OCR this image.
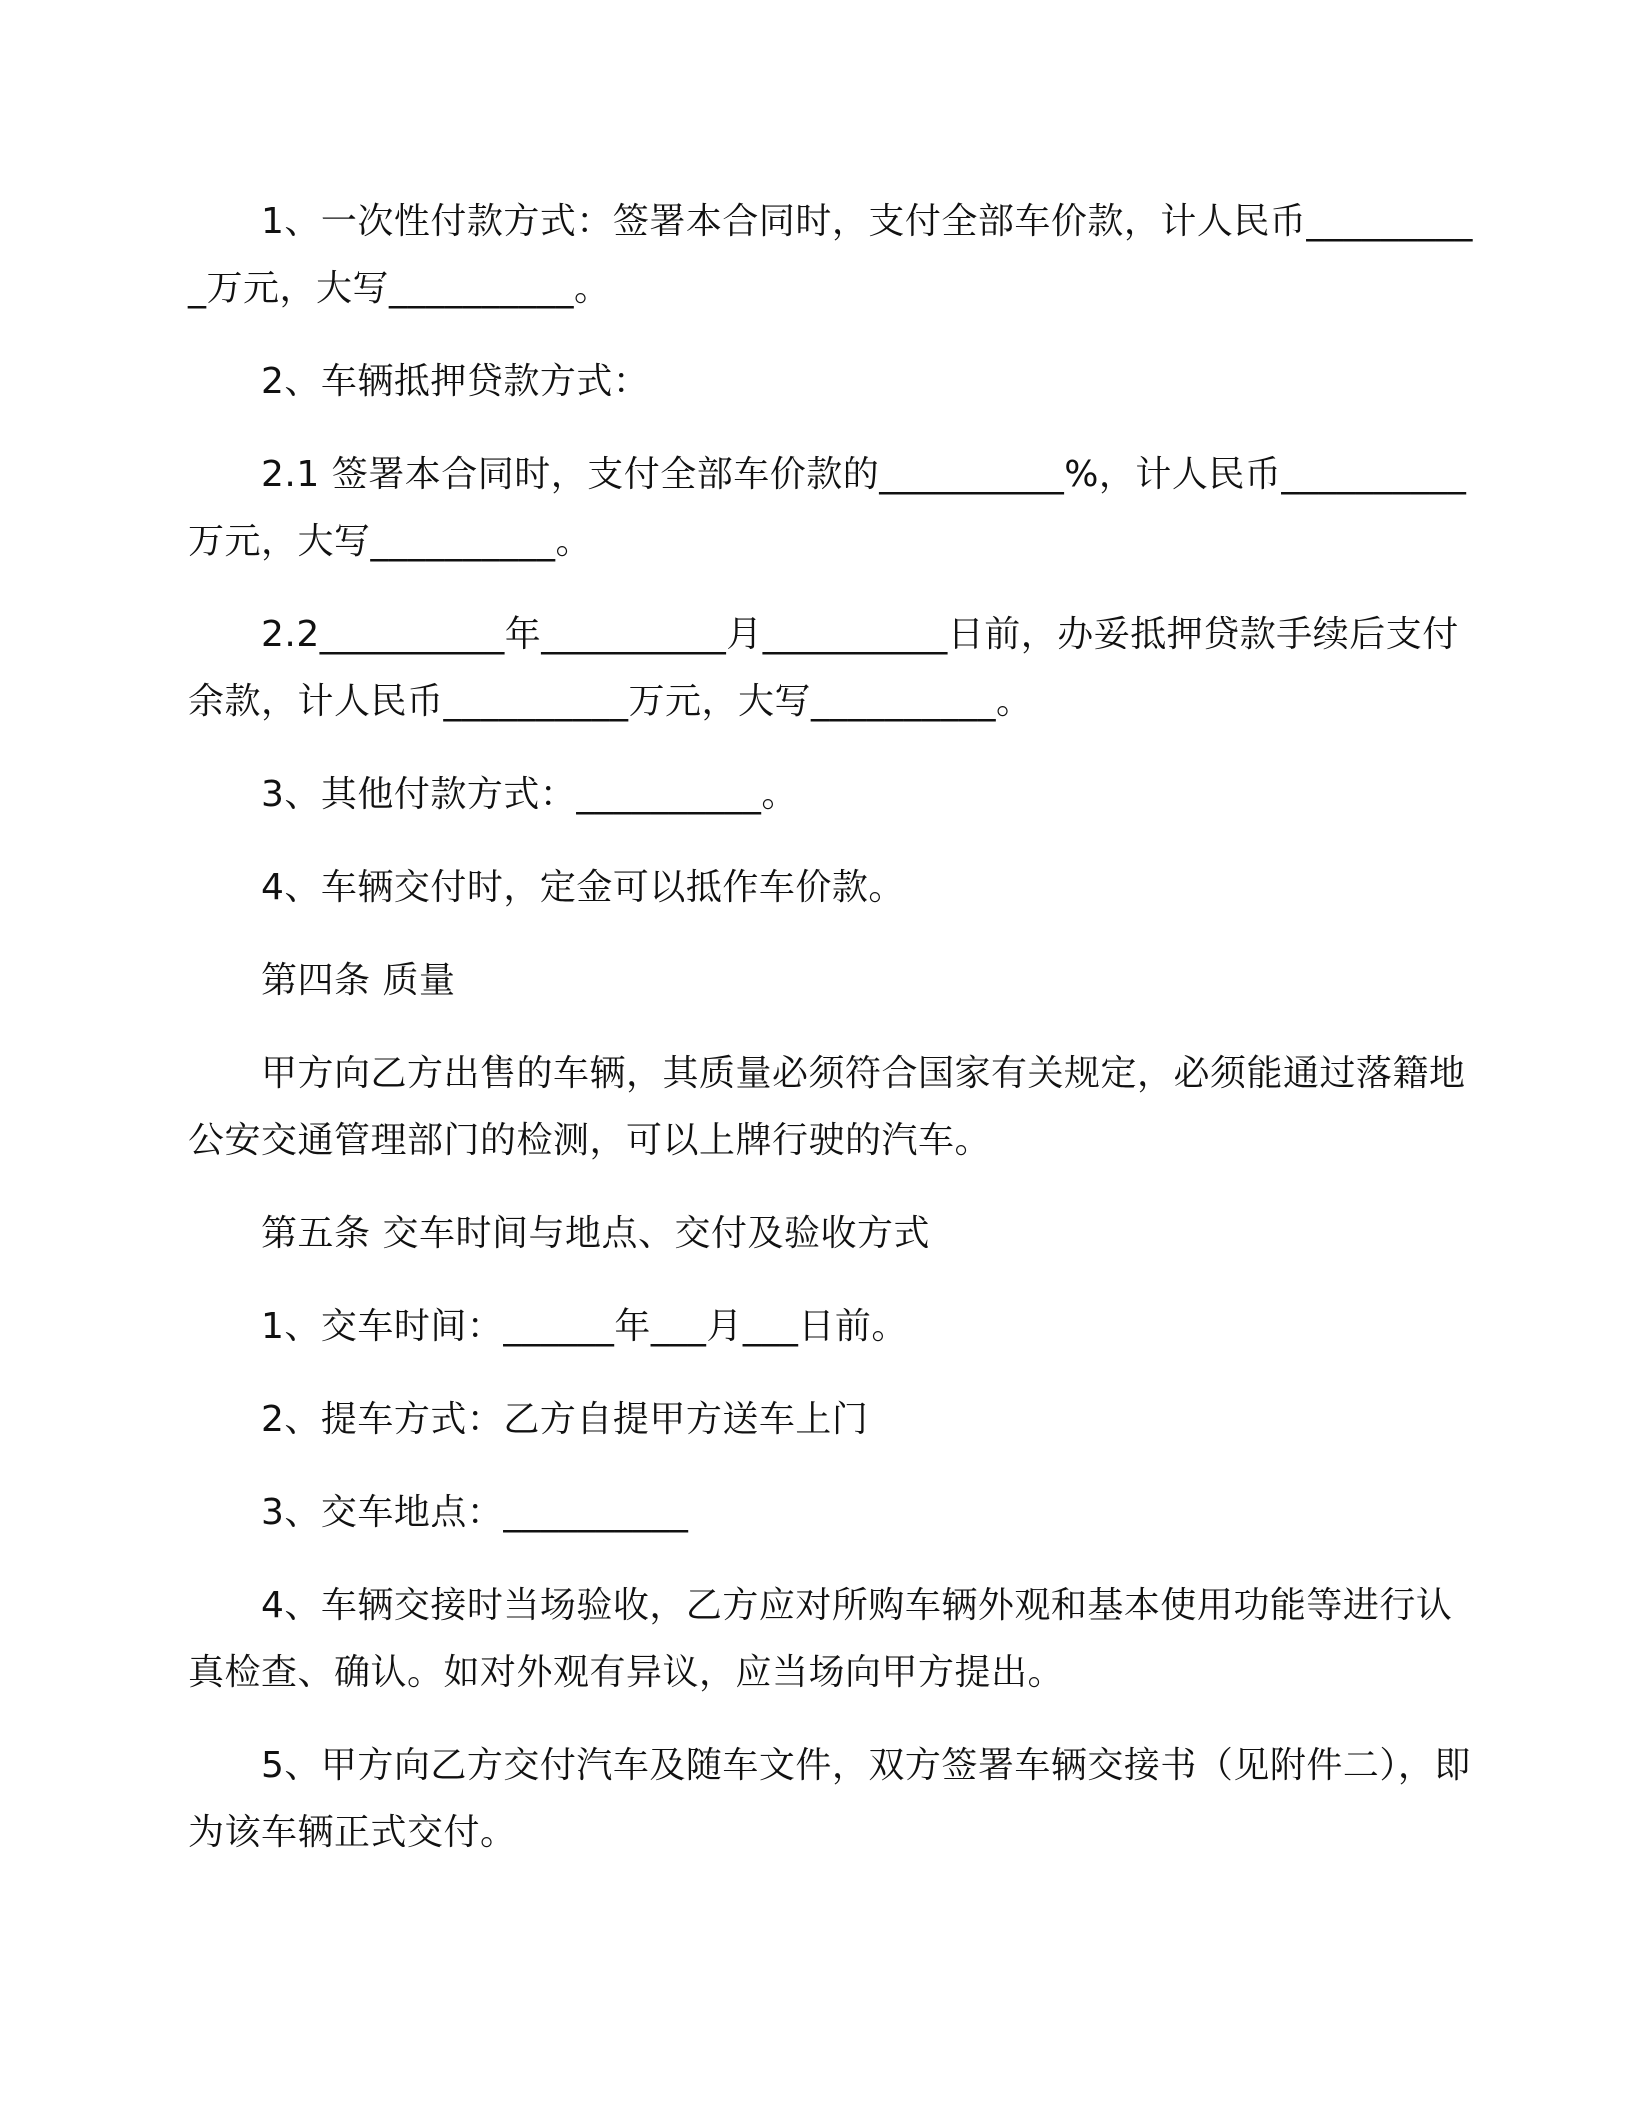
1、一次性付款方式：签署本合同时，支付全部车价款，计人民币__________万元，大写__________。

2、车辆抵押贷款方式：

2.1 签署本合同时，支付全部车价款的__________%，计人民币__________万元，大写__________。

2.2__________年__________月__________日前，办妥抵押贷款手续后支付余款，计人民币__________万元，大写__________。

3、其他付款方式：__________。

4、车辆交付时，定金可以抵作车价款。

第四条 质量

甲方向乙方出售的车辆，其质量必须符合国家有关规定，必须能通过落籍地公安交通管理部门的检测，可以上牌行驶的汽车。

第五条 交车时间与地点、交付及验收方式

1、交车时间：______年___月___日前。

2、提车方式：乙方自提甲方送车上门

3、交车地点：__________

4、车辆交接时当场验收，乙方应对所购车辆外观和基本使用功能等进行认真检查、确认。如对外观有异议，应当场向甲方提出。

5、甲方向乙方交付汽车及随车文件，双方签署车辆交接书（见附件二），即为该车辆正式交付。
